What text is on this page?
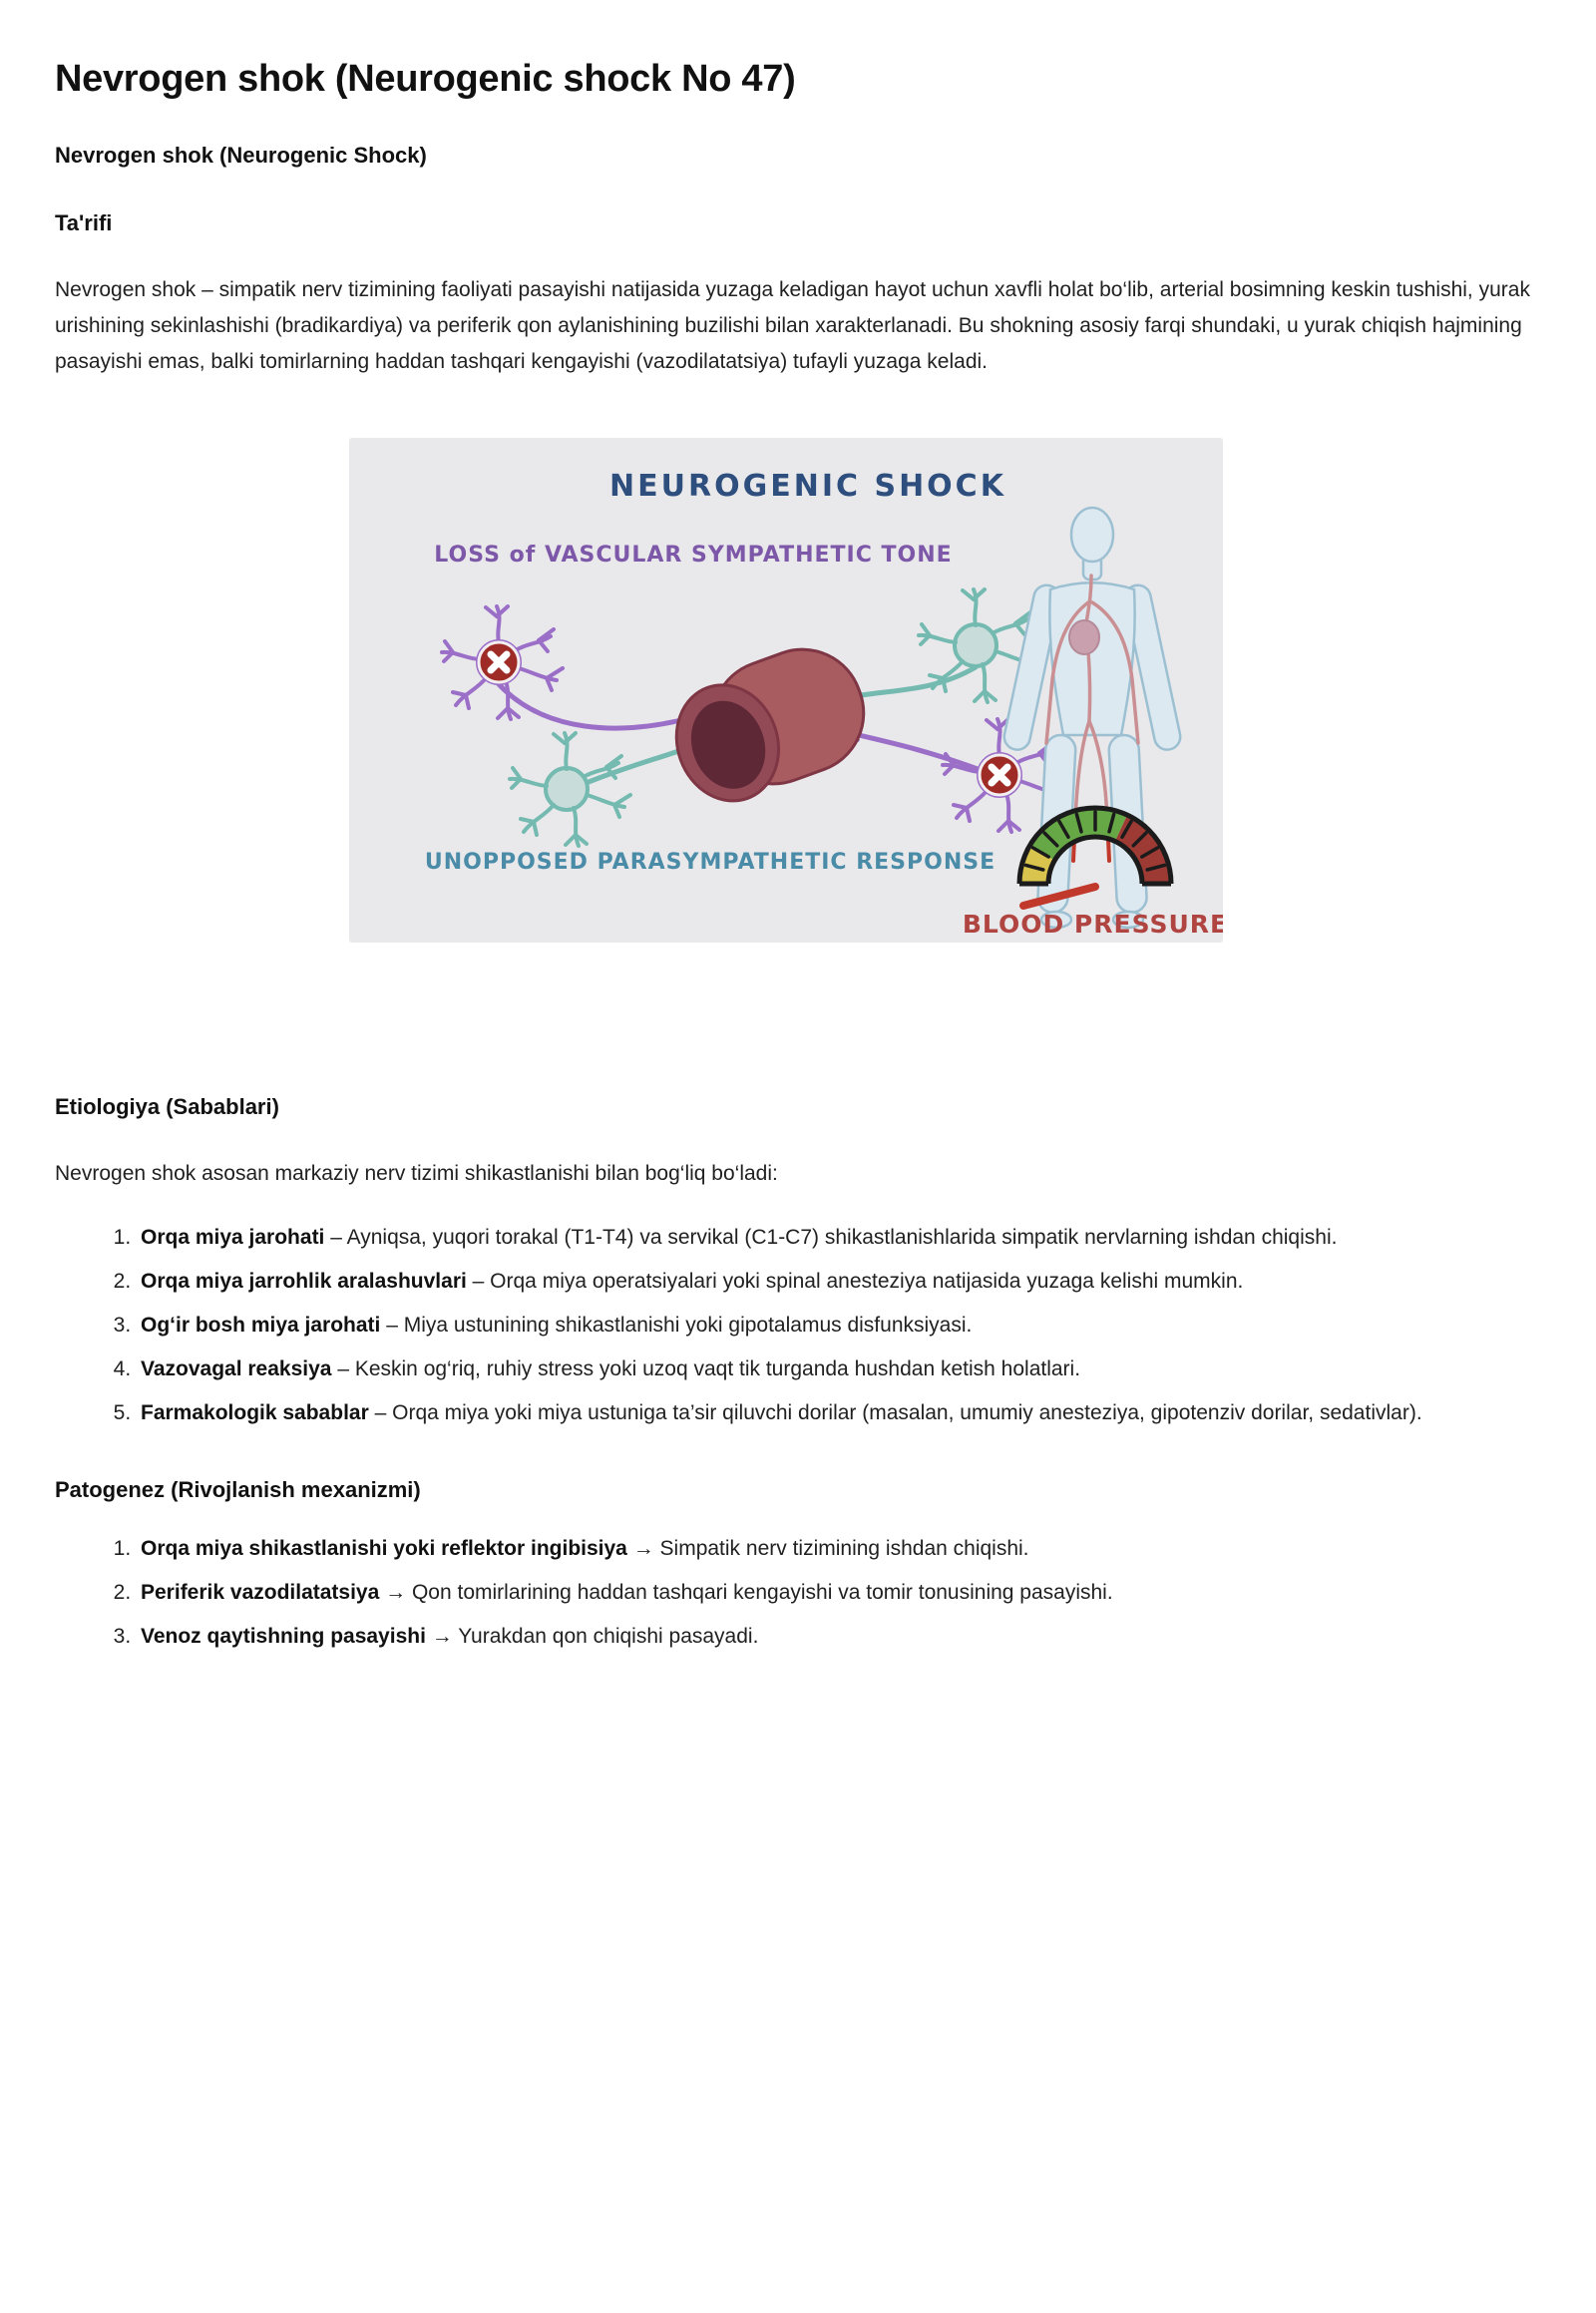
Nevrogen shok (Neurogenic shock No 47)

Nevrogen shok (Neurogenic Shock)

Ta'rifi

Nevrogen shok – simpatik nerv tizimining faoliyati pasayishi natijasida yuzaga keladigan hayot uchun xavfli holat bo‘lib, arterial bosimning keskin tushishi, yurak urishining sekinlashishi (bradikardiya) va periferik qon aylanishining buzilishi bilan xarakterlanadi. Bu shokning asosiy farqi shundaki, u yurak chiqish hajmining pasayishi emas, balki tomirlarning haddan tashqari kengayishi (vazodilatatsiya) tufayli yuzaga keladi.

NEUROGENIC SHOCK
LOSS of VASCULAR SYMPATHETIC TONE
UNOPPOSED PARASYMPATHETIC RESPONSE
BLOOD PRESSURE

Etiologiya (Sabablari)

Nevrogen shok asosan markaziy nerv tizimi shikastlanishi bilan bog‘liq bo‘ladi:

1. Orqa miya jarohati – Ayniqsa, yuqori torakal (T1-T4) va servikal (C1-C7) shikastlanishlarida simpatik nervlarning ishdan chiqishi.
2. Orqa miya jarrohlik aralashuvlari – Orqa miya operatsiyalari yoki spinal anesteziya natijasida yuzaga kelishi mumkin.
3. Og‘ir bosh miya jarohati – Miya ustunining shikastlanishi yoki gipotalamus disfunksiyasi.
4. Vazovagal reaksiya – Keskin og‘riq, ruhiy stress yoki uzoq vaqt tik turganda hushdan ketish holatlari.
5. Farmakologik sabablar – Orqa miya yoki miya ustuniga ta’sir qiluvchi dorilar (masalan, umumiy anesteziya, gipotenziv dorilar, sedativlar).

Patogenez (Rivojlanish mexanizmi)

1. Orqa miya shikastlanishi yoki reflektor ingibisiya → Simpatik nerv tizimining ishdan chiqishi.
2. Periferik vazodilatatsiya → Qon tomirlarining haddan tashqari kengayishi va tomir tonusining pasayishi.
3. Venoz qaytishning pasayishi → Yurakdan qon chiqishi pasayadi.
